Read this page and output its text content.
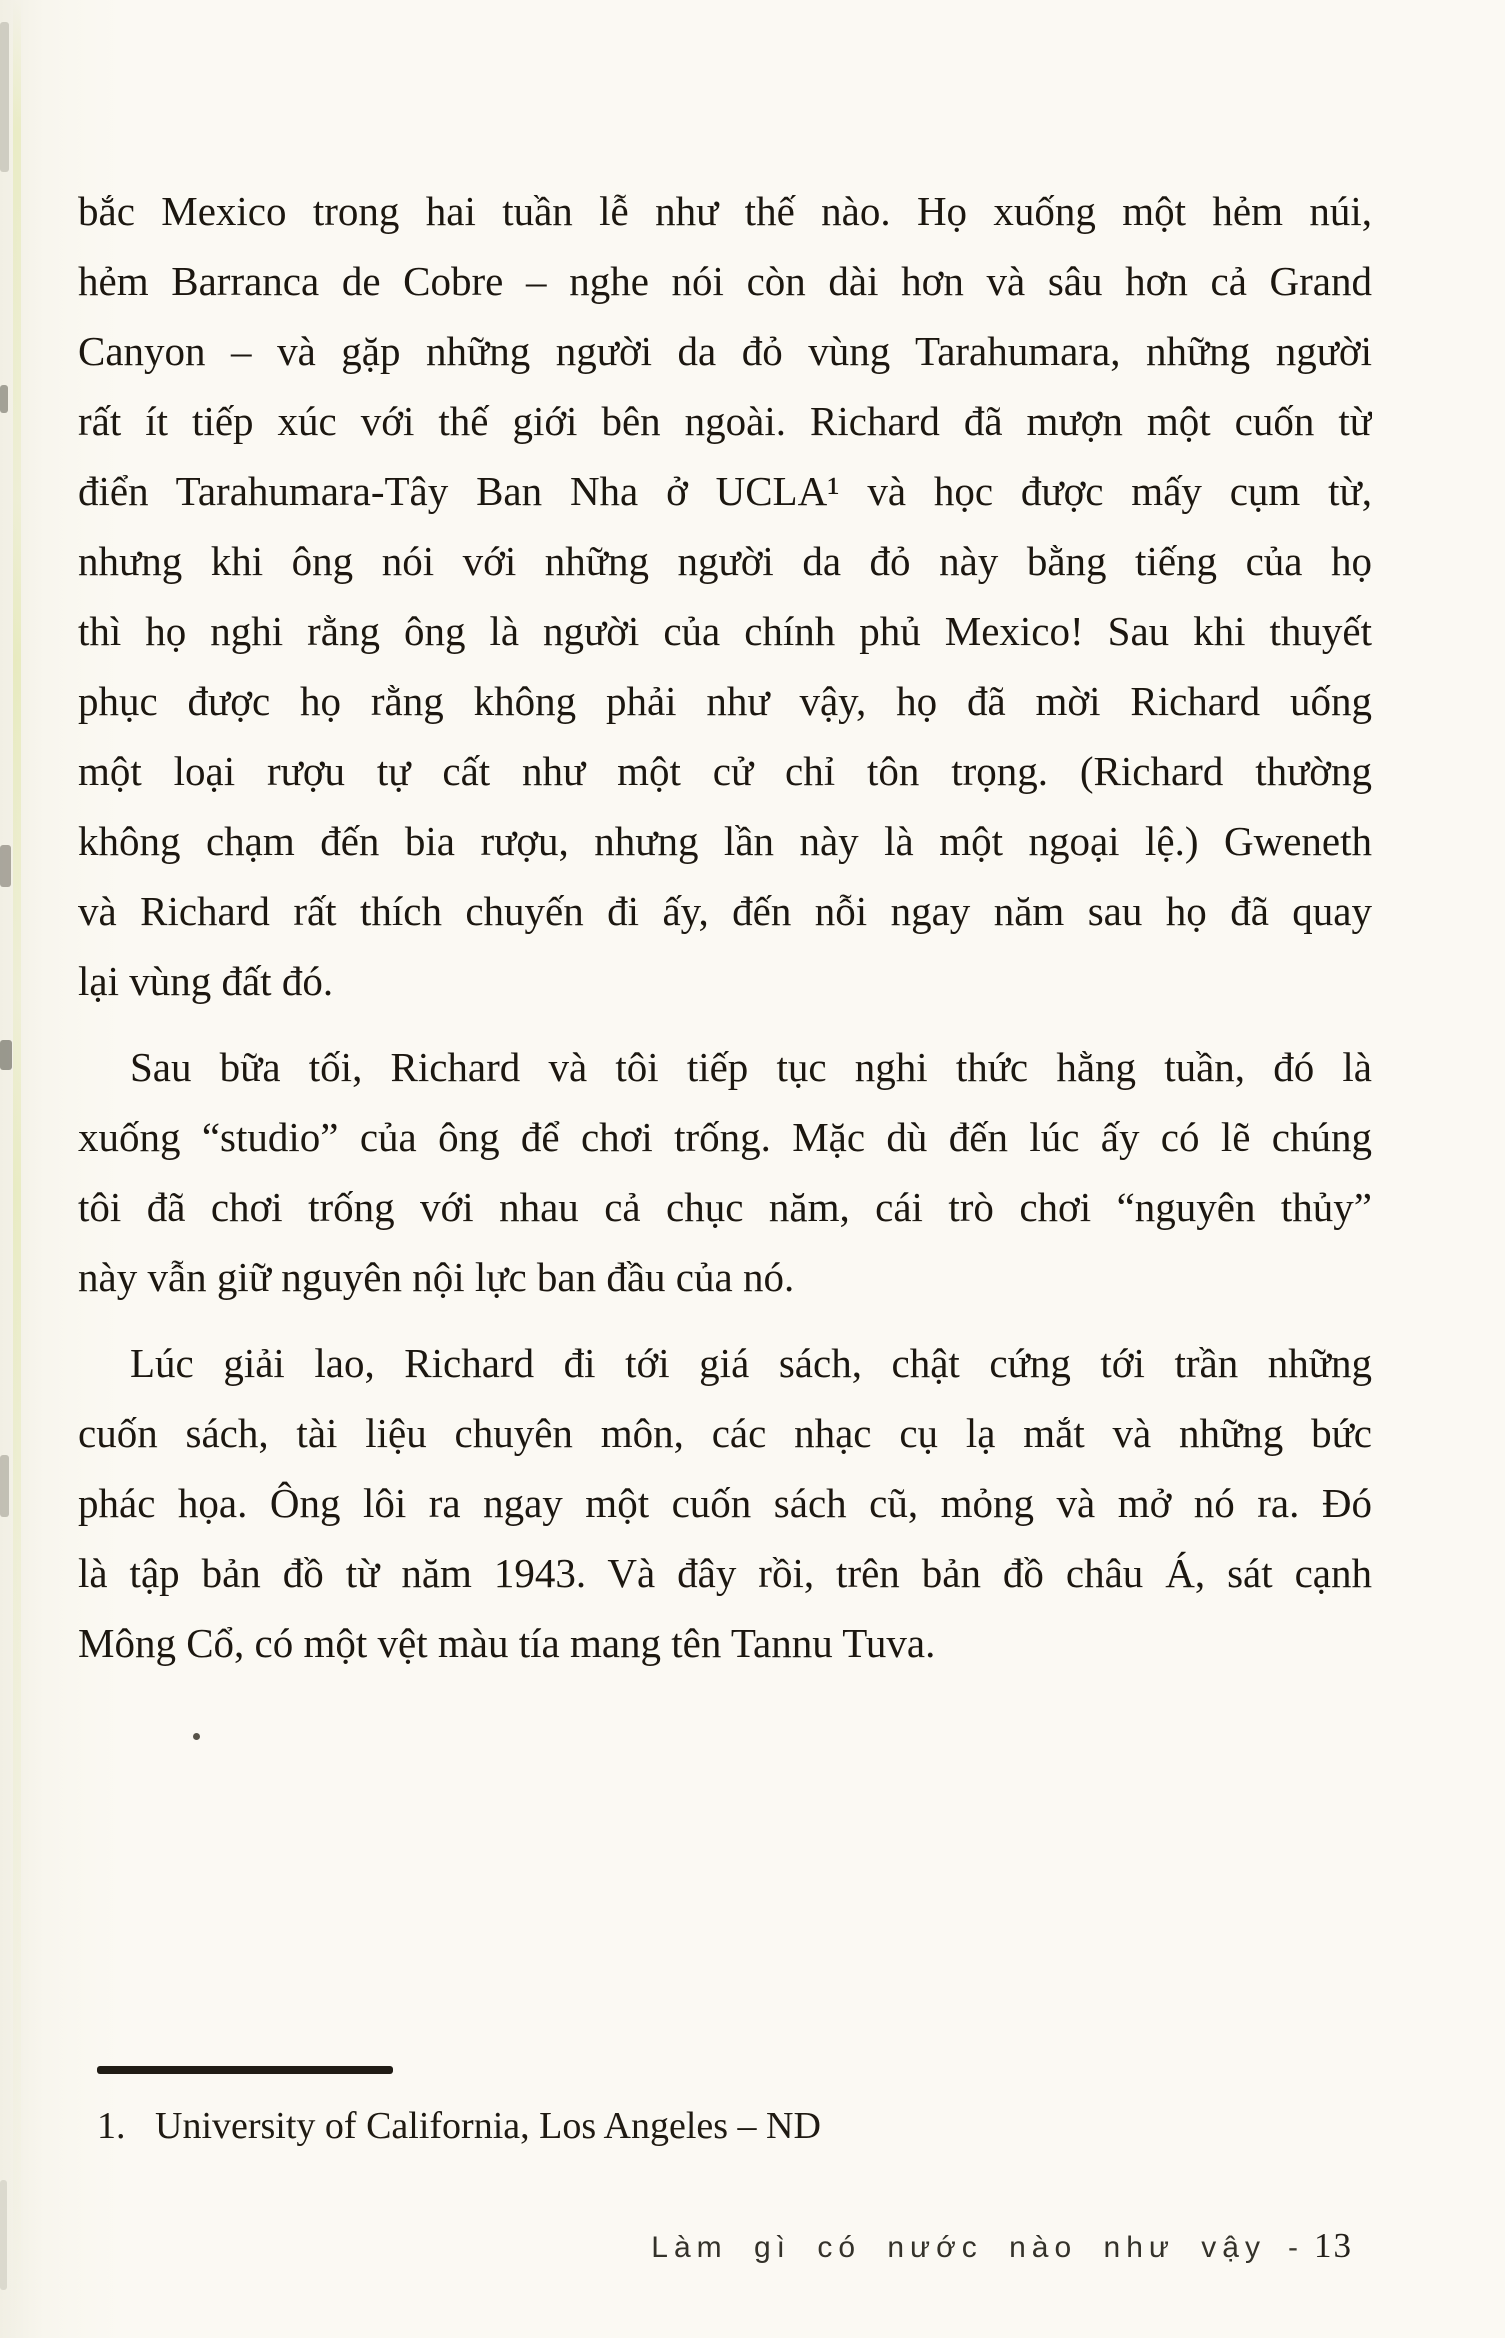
bắc Mexico trong hai tuần lễ như thế nào. Họ xuống một hẻm núi,
hẻm Barranca de Cobre – nghe nói còn dài hơn và sâu hơn cả Grand
Canyon – và gặp những người da đỏ vùng Tarahumara, những người
rất ít tiếp xúc với thế giới bên ngoài. Richard đã mượn một cuốn từ
điển Tarahumara-Tây Ban Nha ở UCLA¹ và học được mấy cụm từ,
nhưng khi ông nói với những người da đỏ này bằng tiếng của họ
thì họ nghi rằng ông là người của chính phủ Mexico! Sau khi thuyết
phục được họ rằng không phải như vậy, họ đã mời Richard uống
một loại rượu tự cất như một cử chỉ tôn trọng. (Richard thường
không chạm đến bia rượu, nhưng lần này là một ngoại lệ.) Gweneth
và Richard rất thích chuyến đi ấy, đến nỗi ngay năm sau họ đã quay
lại vùng đất đó.
Sau bữa tối, Richard và tôi tiếp tục nghi thức hằng tuần, đó là
xuống “studio” của ông để chơi trống. Mặc dù đến lúc ấy có lẽ chúng
tôi đã chơi trống với nhau cả chục năm, cái trò chơi “nguyên thủy”
này vẫn giữ nguyên nội lực ban đầu của nó.
Lúc giải lao, Richard đi tới giá sách, chật cứng tới trần những
cuốn sách, tài liệu chuyên môn, các nhạc cụ lạ mắt và những bức
phác họa. Ông lôi ra ngay một cuốn sách cũ, mỏng và mở nó ra. Đó
là tập bản đồ từ năm 1943. Và đây rồi, trên bản đồ châu Á, sát cạnh
Mông Cổ, có một vệt màu tía mang tên Tannu Tuva.
1. University of California, Los Angeles – ND
Làm gì có nước nào như vậy - 13
